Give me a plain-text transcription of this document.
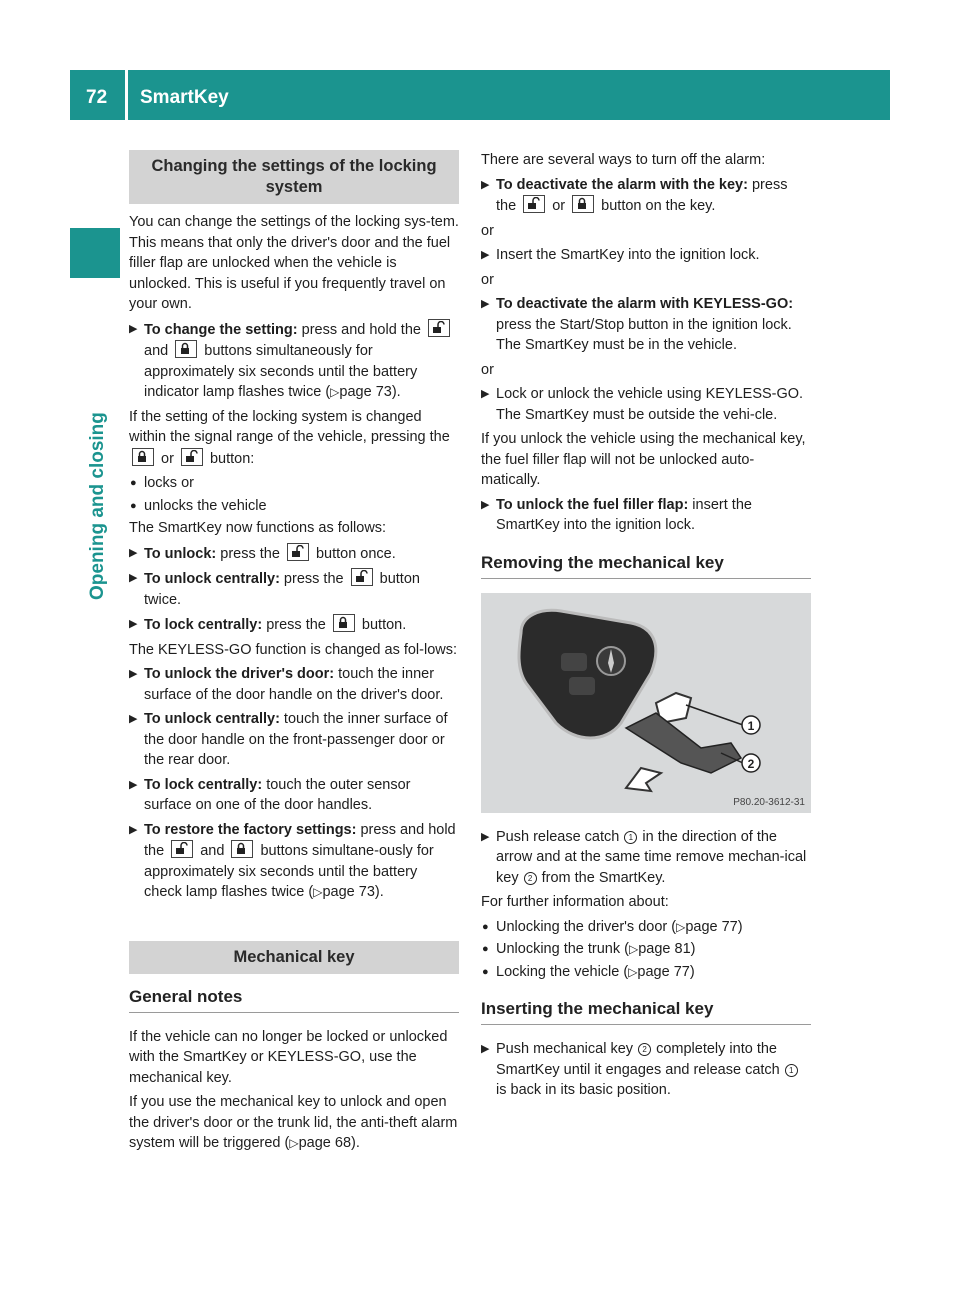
72	SmartKey
Opening and closing
Changing the settings of the locking system

You can change the settings of the locking sys-tem. This means that only the driver's door and the fuel filler flap are unlocked when the vehicle is unlocked. This is useful if you frequently travel on your own.

▶ To change the setting: press and hold the
and
buttons simultaneously for approximately six seconds until the battery indicator lamp flashes twice (▷page 73).

If the setting of the locking system is changed within the signal range of the vehicle, pressing the
or
button:

● locks or
● unlocks the vehicle

The SmartKey now functions as follows:

▶ To unlock: press the
button once.
▶ To unlock centrally: press the
button twice.
▶ To lock centrally: press the
button.

The KEYLESS-GO function is changed as fol-lows:

▶ To unlock the driver's door: touch the inner surface of the door handle on the driver's door.
▶ To unlock centrally: touch the inner surface of the door handle on the front-passenger door or the rear door.
▶ To lock centrally: touch the outer sensor surface on one of the door handles.
▶ To restore the factory settings: press and hold the
and
buttons simultane-ously for approximately six seconds until the battery check lamp flashes twice (▷page 73).
Mechanical key
General notes

If the vehicle can no longer be locked or unlocked with the SmartKey or KEYLESS-GO, use the mechanical key.

If you use the mechanical key to unlock and open the driver's door or the trunk lid, the anti-theft alarm system will be triggered (▷page 68).

There are several ways to turn off the alarm:

▶ To deactivate the alarm with the key: press the
or
button on the key.

or

▶ Insert the SmartKey into the ignition lock.

or

▶ To deactivate the alarm with KEYLESS-GO: press the Start/Stop button in the ignition lock. The SmartKey must be in the vehicle.

or

▶ Lock or unlock the vehicle using KEYLESS-GO. The SmartKey must be outside the vehi-cle.

If you unlock the vehicle using the mechanical key, the fuel filler flap will not be unlocked auto-matically.

▶ To unlock the fuel filler flap: insert the SmartKey into the ignition lock.
Removing the mechanical key
1
2
P80.20-3612-31
▶ Push release catch 1 in the direction of the arrow and at the same time remove mechan-ical key 2 from the SmartKey.

For further information about:

● Unlocking the driver's door (▷page 77)
● Unlocking the trunk (▷page 81)
● Locking the vehicle (▷page 77)
Inserting the mechanical key
▶ Push mechanical key 2 completely into the SmartKey until it engages and release catch 1 is back in its basic position.
